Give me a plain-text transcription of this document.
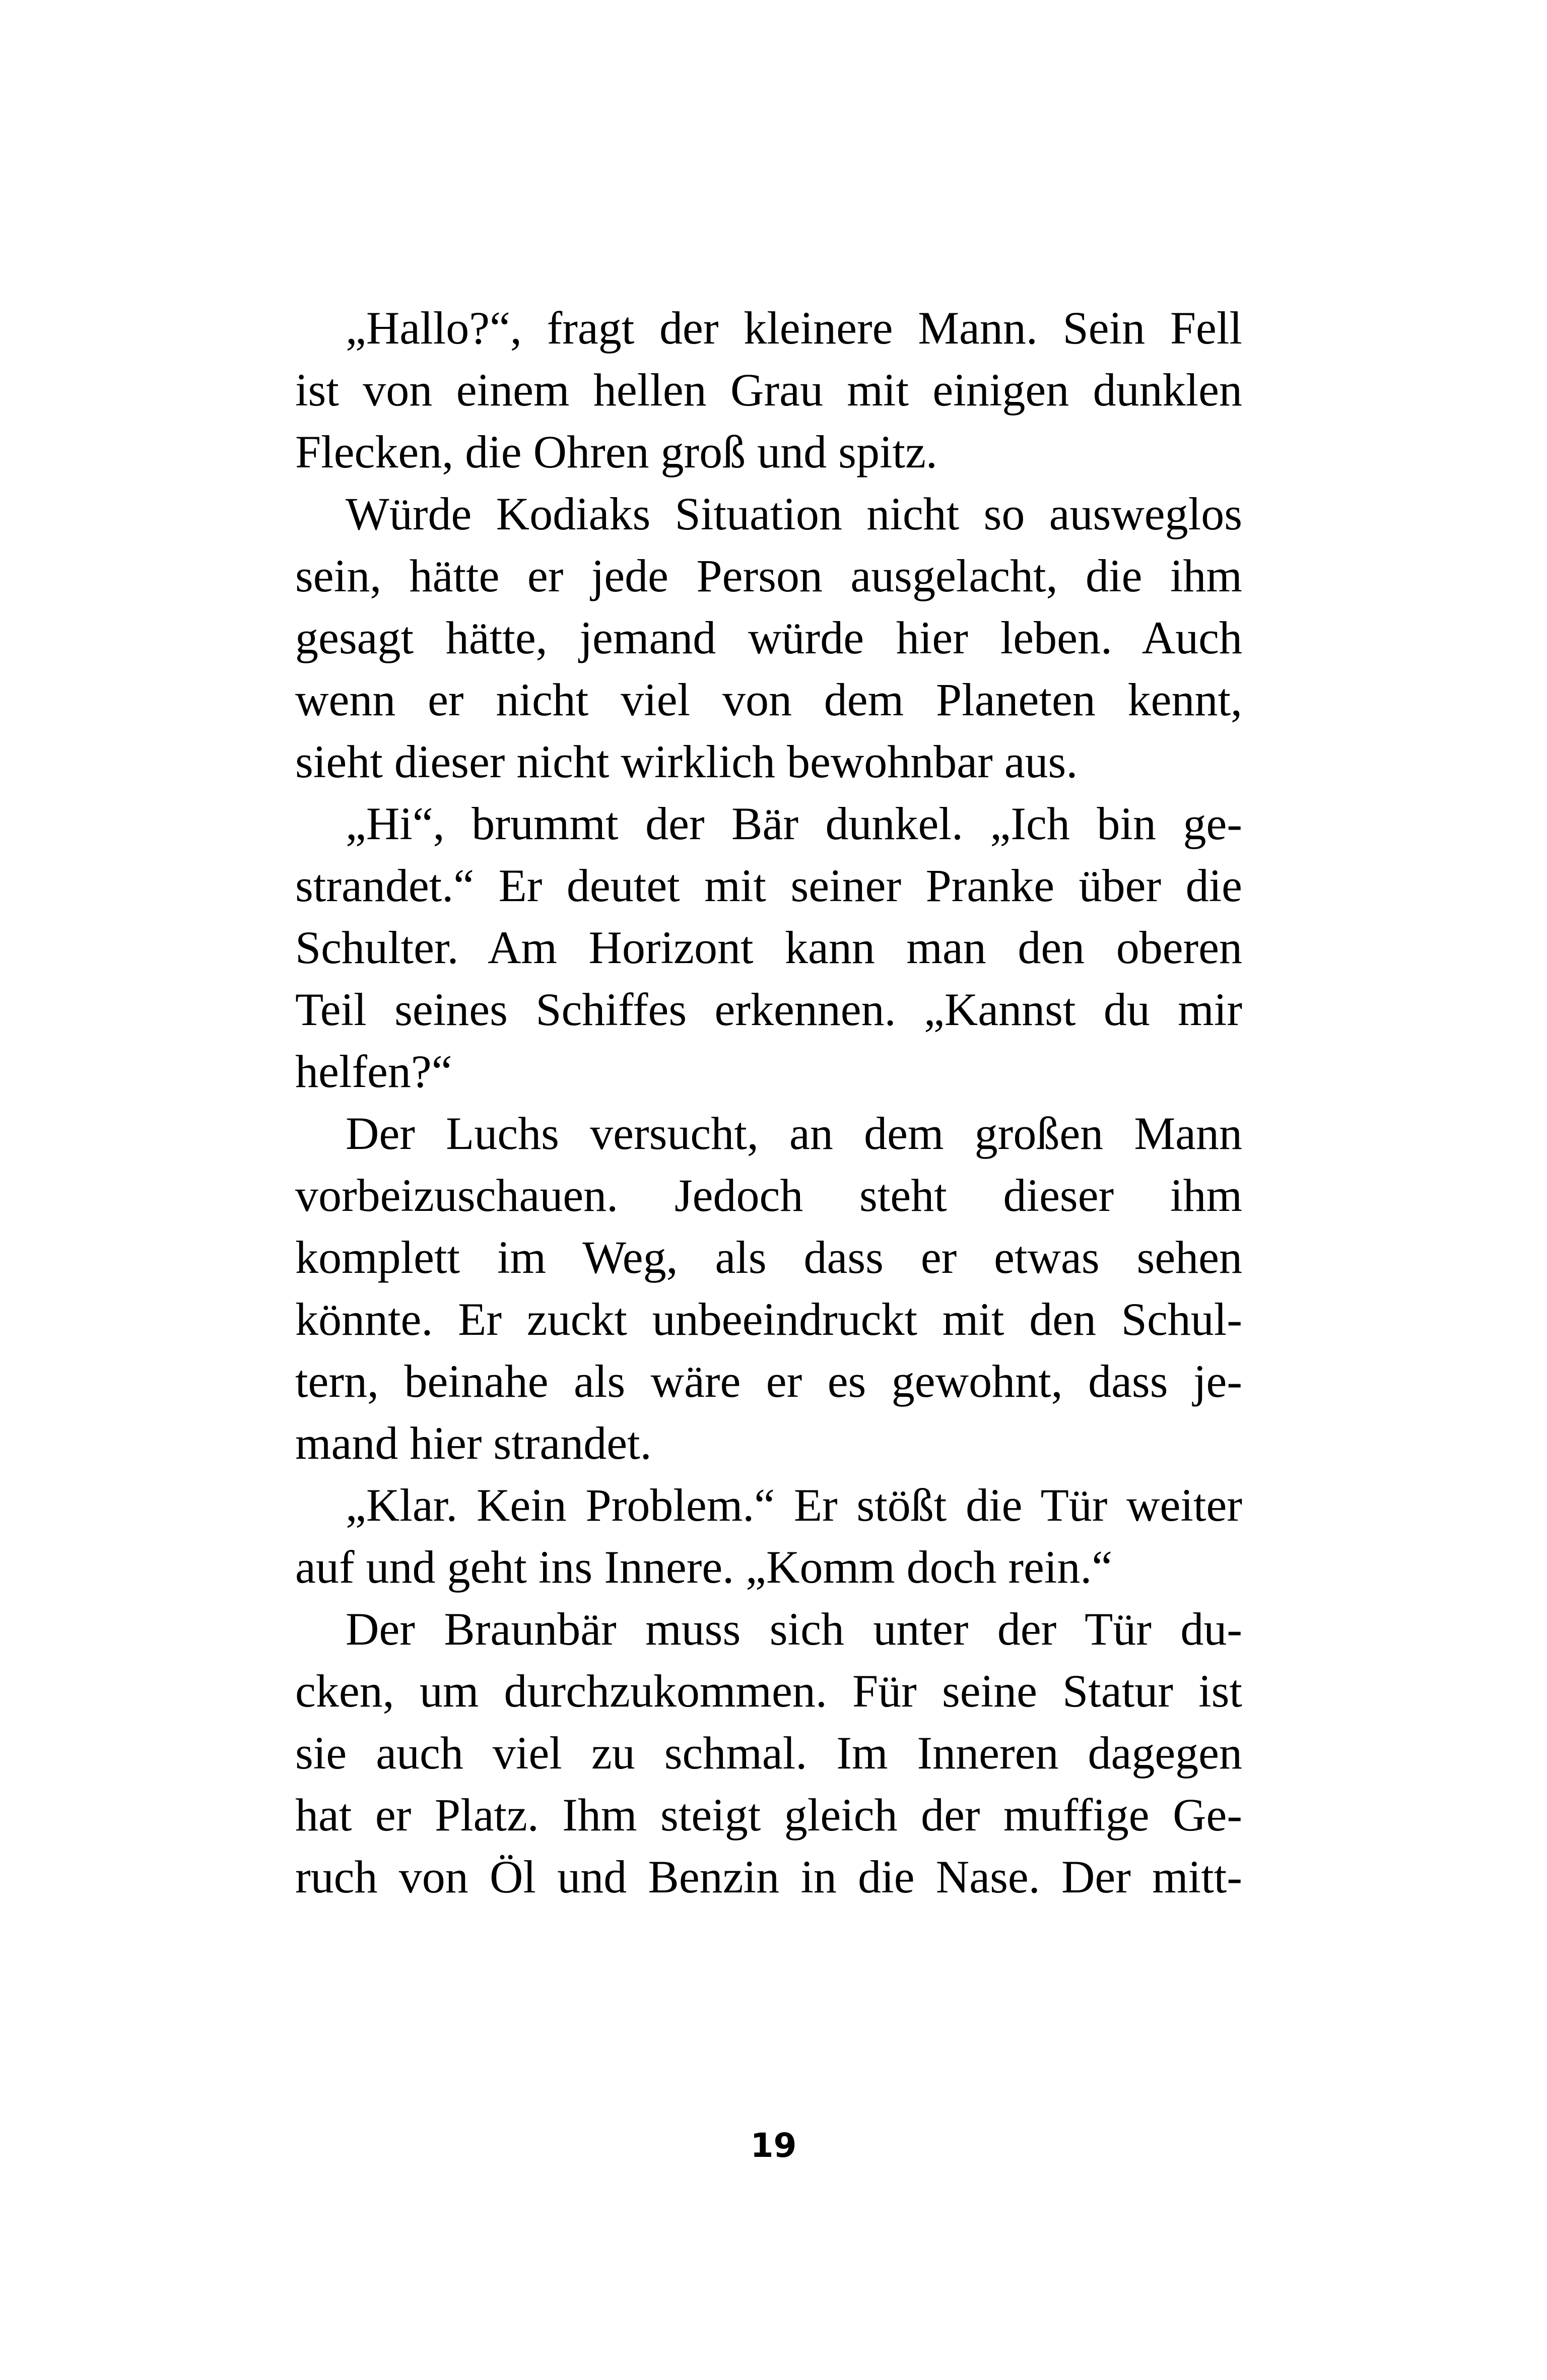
„Hallo?“, fragt der kleinere Mann. Sein Fell
ist von einem hellen Grau mit einigen dunklen
Flecken, die Ohren groß und spitz.
Würde Kodiaks Situation nicht so ausweglos
sein, hätte er jede Person ausgelacht, die ihm
gesagt hätte, jemand würde hier leben. Auch
wenn er nicht viel von dem Planeten kennt,
sieht dieser nicht wirklich bewohnbar aus.
„Hi“, brummt der Bär dunkel. „Ich bin ge-
strandet.“ Er deutet mit seiner Pranke über die
Schulter. Am Horizont kann man den oberen
Teil seines Schiffes erkennen. „Kannst du mir
helfen?“
Der Luchs versucht, an dem großen Mann
vorbeizuschauen. Jedoch steht dieser ihm
komplett im Weg, als dass er etwas sehen
könnte. Er zuckt unbeeindruckt mit den Schul-
tern, beinahe als wäre er es gewohnt, dass je-
mand hier strandet.
„Klar. Kein Problem.“ Er stößt die Tür weiter
auf und geht ins Innere. „Komm doch rein.“
Der Braunbär muss sich unter der Tür du-
cken, um durchzukommen. Für seine Statur ist
sie auch viel zu schmal. Im Inneren dagegen
hat er Platz. Ihm steigt gleich der muffige Ge-
ruch von Öl und Benzin in die Nase. Der mitt-
19
